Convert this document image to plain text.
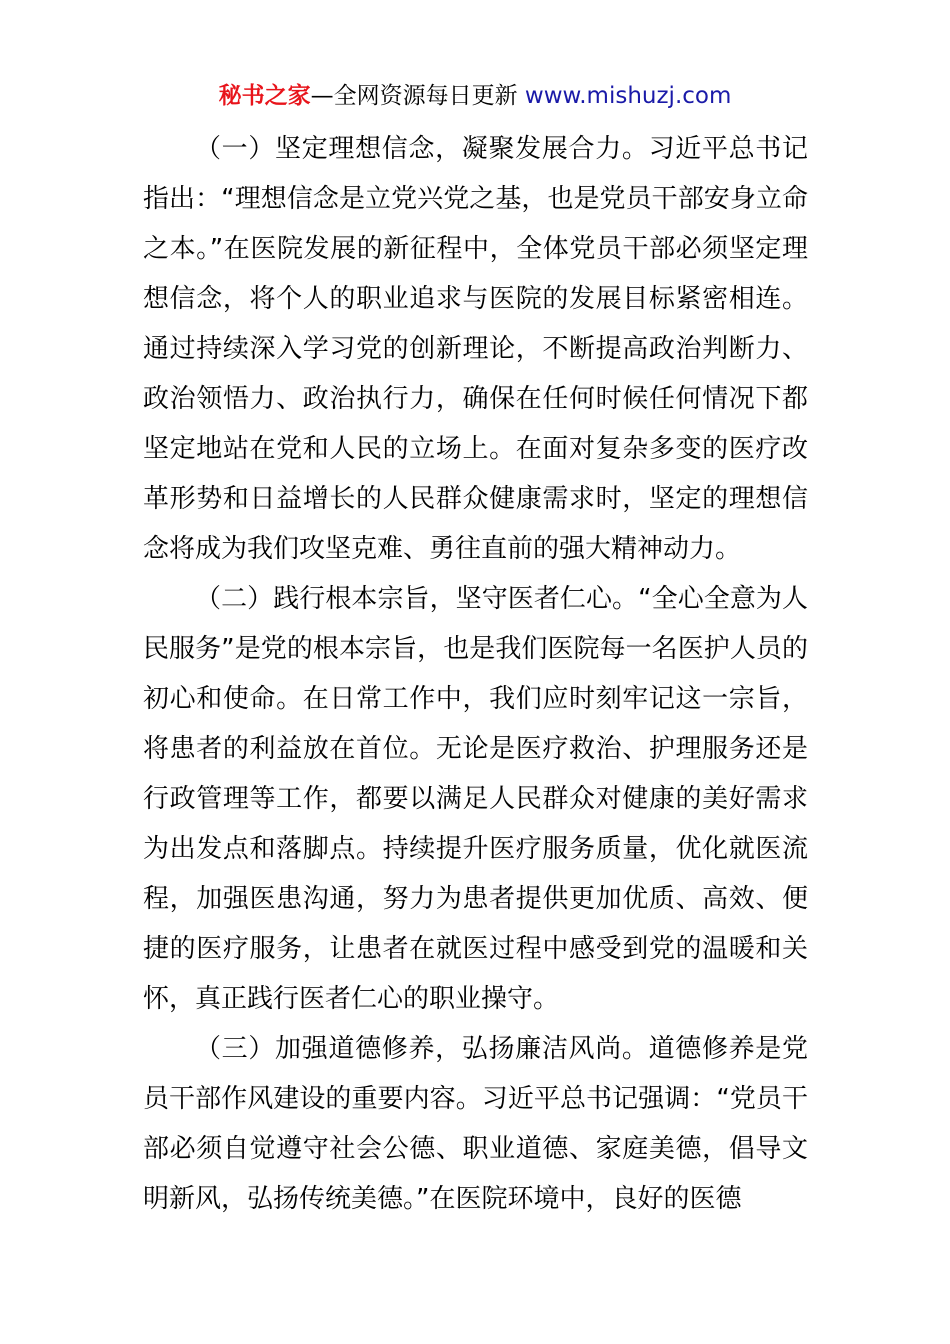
秘书之家—全网资源每日更新 www.mishuzj.com

（一）坚定理想信念，凝聚发展合力。习近平总书记指出：“理想信念是立党兴党之基，也是党员干部安身立命之本。”在医院发展的新征程中，全体党员干部必须坚定理想信念，将个人的职业追求与医院的发展目标紧密相连。通过持续深入学习党的创新理论，不断提高政治判断力、政治领悟力、政治执行力，确保在任何时候任何情况下都坚定地站在党和人民的立场上。在面对复杂多变的医疗改革形势和日益增长的人民群众健康需求时，坚定的理想信念将成为我们攻坚克难、勇往直前的强大精神动力。

（二）践行根本宗旨，坚守医者仁心。“全心全意为人民服务”是党的根本宗旨，也是我们医院每一名医护人员的初心和使命。在日常工作中，我们应时刻牢记这一宗旨，将患者的利益放在首位。无论是医疗救治、护理服务还是行政管理等工作，都要以满足人民群众对健康的美好需求为出发点和落脚点。持续提升医疗服务质量，优化就医流程，加强医患沟通，努力为患者提供更加优质、高效、便捷的医疗服务，让患者在就医过程中感受到党的温暖和关怀，真正践行医者仁心的职业操守。

（三）加强道德修养，弘扬廉洁风尚。道德修养是党员干部作风建设的重要内容。习近平总书记强调：“党员干部必须自觉遵守社会公德、职业道德、家庭美德，倡导文明新风，弘扬传统美德。”在医院环境中，良好的医德
